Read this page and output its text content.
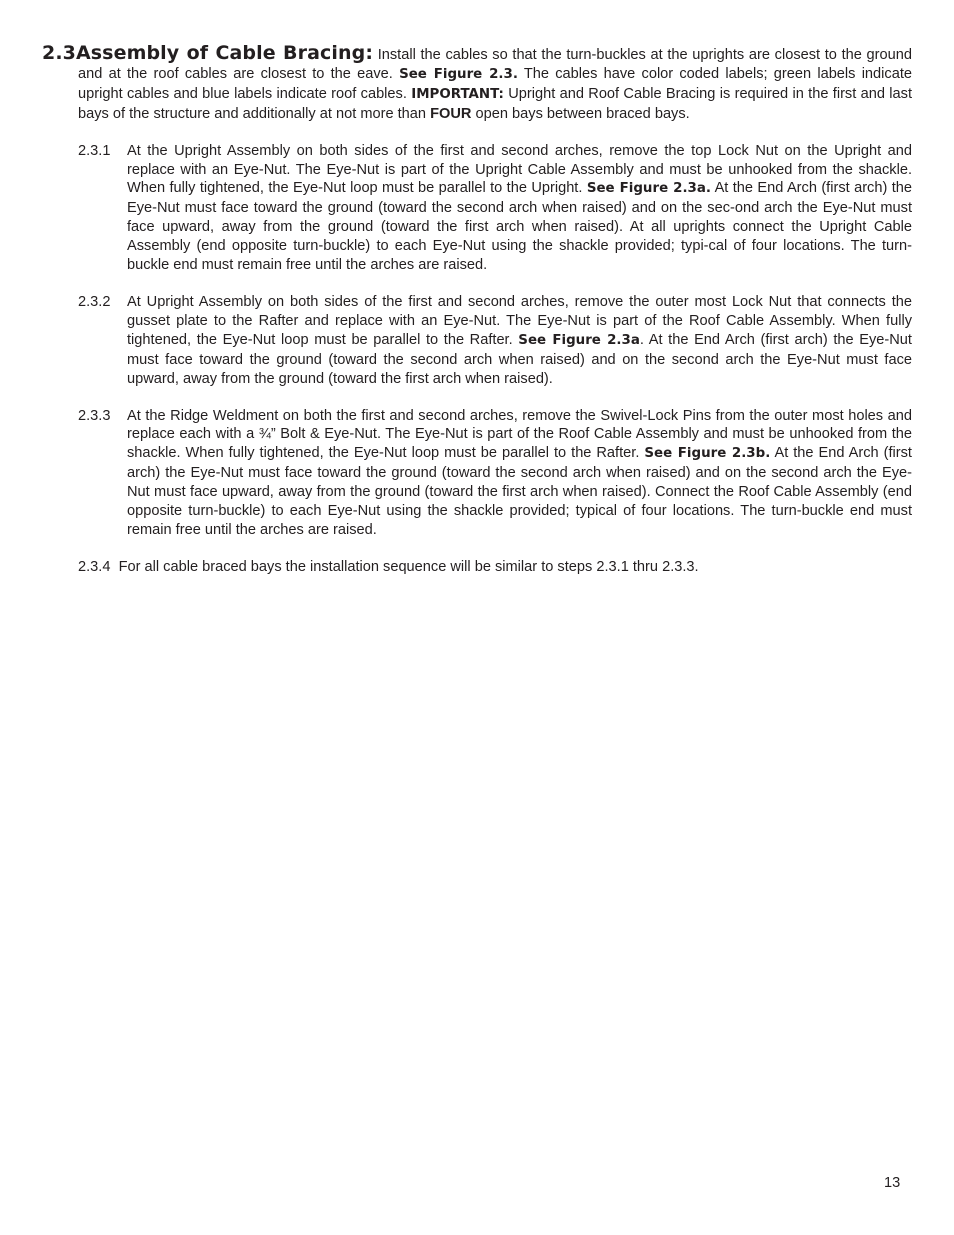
2.3Assembly of Cable Bracing: Install the cables so that the turn-buckles at the uprights are closest to the ground and at the roof cables are closest to the eave. See Figure 2.3. The cables have color coded labels; green labels indicate upright cables and blue labels indicate roof cables. IMPORTANT: Upright and Roof Cable Bracing is required in the first and last bays of the structure and additionally at not more than FOUR open bays between braced bays.

2.3.1	At the Upright Assembly on both sides of the first and second arches, remove the top Lock Nut on the Upright and replace with an Eye-Nut. The Eye-Nut is part of the Upright Cable Assembly and must be unhooked from the shackle. When fully tightened, the Eye-Nut loop must be parallel to the Upright. See Figure 2.3a. At the End Arch (first arch) the Eye-Nut must face toward the ground (toward the second arch when raised) and on the sec-ond arch the Eye-Nut must face upward, away from the ground (toward the first arch when raised). At all uprights connect the Upright Cable Assembly (end opposite turn-buckle) to each Eye-Nut using the shackle provided; typi-cal of four locations. The turn-buckle end must remain free until the arches are raised.
2.3.2	At Upright Assembly on both sides of the first and second arches, remove the outer most Lock Nut that connects the gusset plate to the Rafter and replace with an Eye-Nut. The Eye-Nut is part of the Roof Cable Assembly. When fully tightened, the Eye-Nut loop must be parallel to the Rafter. See Figure 2.3a. At the End Arch (first arch) the Eye-Nut must face toward the ground (toward the second arch when raised) and on the second arch the Eye-Nut must face upward, away from the ground (toward the first arch when raised).
2.3.3	At the Ridge Weldment on both the first and second arches, remove the Swivel-Lock Pins from the outer most holes and replace each with a ¾” Bolt & Eye-Nut. The Eye-Nut is part of the Roof Cable Assembly and must be unhooked from the shackle. When fully tightened, the Eye-Nut loop must be parallel to the Rafter. See Figure 2.3b. At the End Arch (first arch) the Eye-Nut must face toward the ground (toward the second arch when raised) and on the second arch the Eye-Nut must face upward, away from the ground (toward the first arch when raised). Connect the Roof Cable Assembly (end opposite turn-buckle) to each Eye-Nut using the shackle provided; typical of four locations. The turn-buckle end must remain free until the arches are raised.
2.3.4
For all cable braced bays the installation sequence will be similar to steps 2.3.1 thru 2.3.3.
13
